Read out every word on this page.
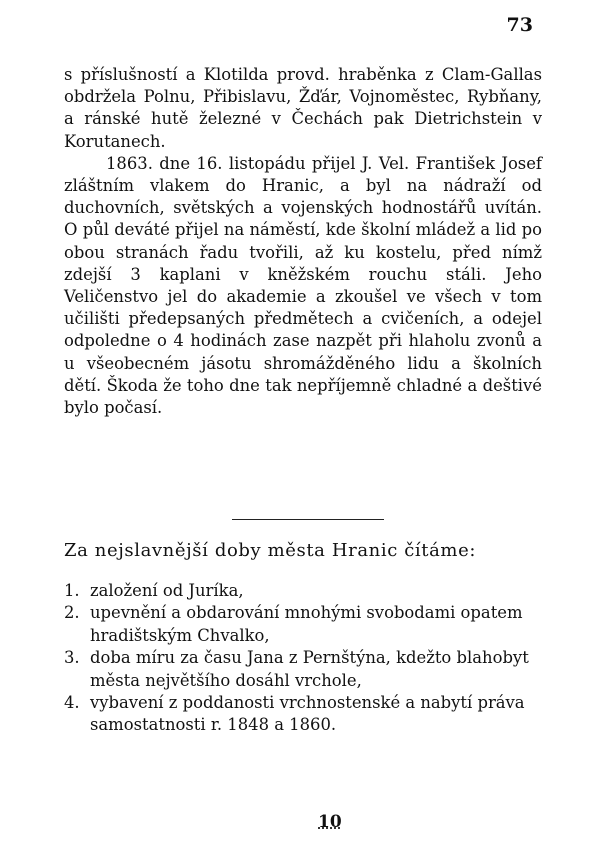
73

s příslušností a Klotilda provd. hraběnka z Clam-Gallas obdržela Polnu, Přibislavu, Žďár, Vojnoměstec, Rybňany, a ránské hutě železné v Čechách pak Dietrichstein v Korutanech.

1863. dne 16. listopádu přijel J. Vel. František Josef zláštním vlakem do Hranic, a byl na nádraží od duchovních, světských a vojenských hodnostářů uvítán. O půl deváté přijel na náměstí, kde školní mládež a lid po obou stranách řadu tvořili, až ku kostelu, před nímž zdejší 3 kaplani v kněžském rouchu stáli. Jeho Veličenstvo jel do akademie a zkoušel ve všech v tom učilišti předepsaných předmětech a cvičeních, a odejel odpoledne o 4 hodinách zase nazpět při hlaholu zvonů a u všeobecném jásotu shromážděného lidu a školních dětí. Škoda že toho dne tak nepříjemně chladné a deštivé bylo počasí.

Za nejslavnější doby města Hranic čítáme:
1. založení od Juríka,
2. upevnění a obdarování mnohými svobodami opatem hradištským Chvalko,
3. doba míru za času Jana z Pernštýna, kdežto blahobyt města největšího dosáhl vrchole,
4. vybavení z poddanosti vrchnostenské a nabytí práva samostatnosti r. 1848 a 1860.
10
